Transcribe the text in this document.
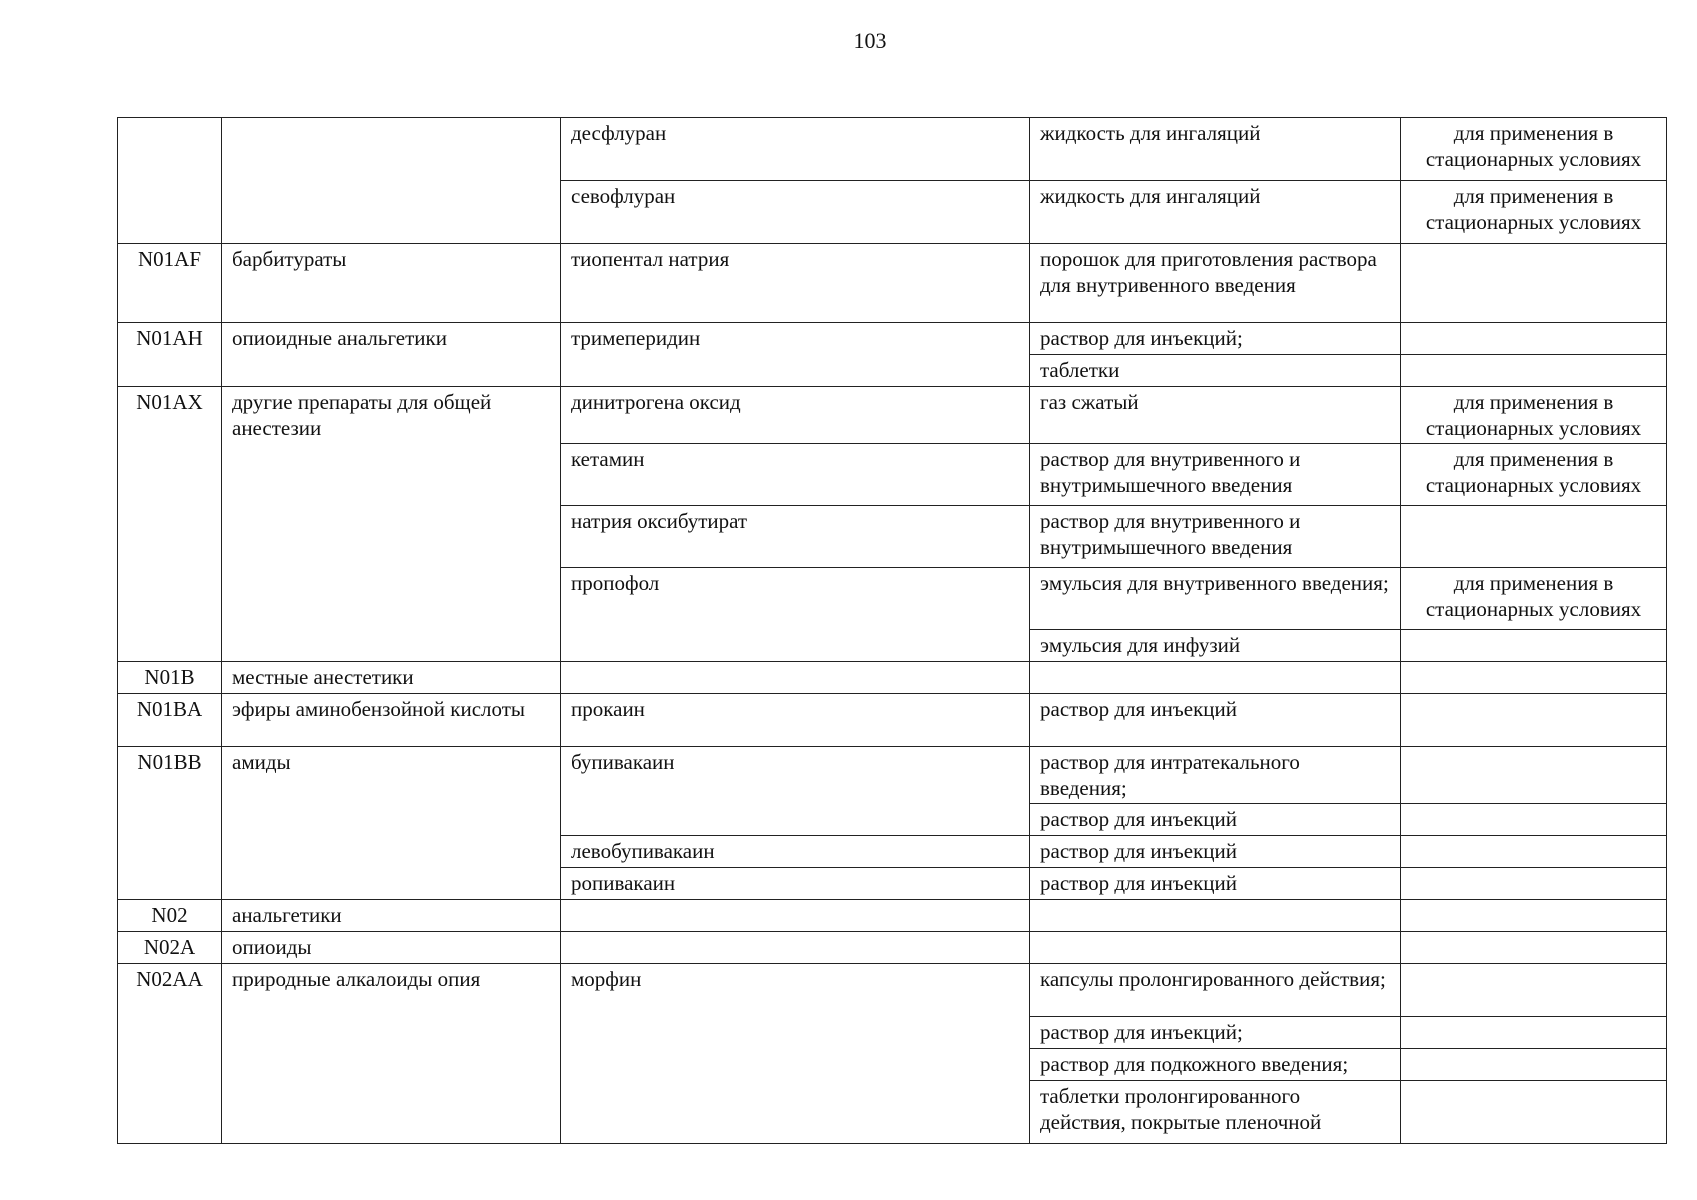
103
		десфлуран	жидкость для ингаляций	для применения в стационарных условиях
		севофлуран	жидкость для ингаляций	для применения в стационарных условиях
N01AF	барбитураты	тиопентал натрия	порошок для приготовления раствора для внутривенного введения	
N01AH	опиоидные анальгетики	тримеперидин	раствор для инъекций;	
			таблетки	
N01AX	другие препараты для общей анестезии	динитрогена оксид	газ сжатый	для применения в стационарных условиях
		кетамин	раствор для внутривенного и внутримышечного введения	для применения в стационарных условиях
		натрия оксибутират	раствор для внутривенного и внутримышечного введения	
		пропофол	эмульсия для внутривенного введения;	для применения в стационарных условиях
			эмульсия для инфузий	
N01B	местные анестетики			
N01BA	эфиры аминобензойной кислоты	прокаин	раствор для инъекций	
N01BB	амиды	бупивакаин	раствор для интратекального введения;	
			раствор для инъекций	
		левобупивакаин	раствор для инъекций	
		ропивакаин	раствор для инъекций	
N02	анальгетики			
N02A	опиоиды			
N02AA	природные алкалоиды опия	морфин	капсулы пролонгированного действия;	
			раствор для инъекций;	
			раствор для подкожного введения;	
			таблетки пролонгированного действия, покрытые пленочной	
